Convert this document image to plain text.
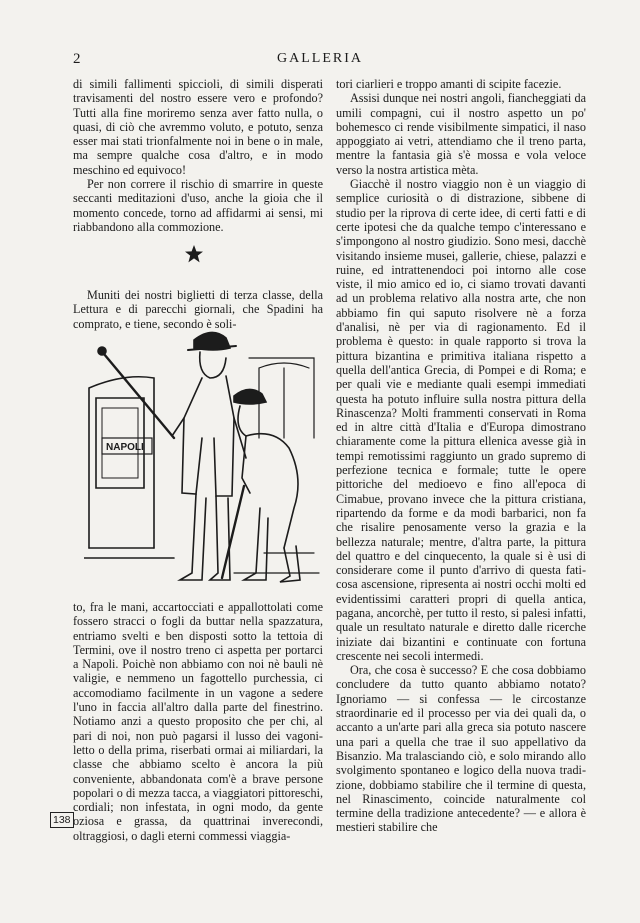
2	GALLERIA

di simili fallimenti spiccioli, di simili disperati travisamenti del nostro essere vero e profondo? Tutti alla fine moriremo senza aver fatto nulla, o quasi, di ciò che avremmo voluto, e potuto, senza esser mai stati trionfalmente noi in bene o in male, ma sempre qualche cosa d'altro, e in modo meschino ed equivoco!

Per non correre il rischio di smarrire in queste seccanti meditazioni d'uso, anche la gioia che il momento concede, torno ad affidarmi ai sensi, mi riabbandono alla commozione.

Muniti dei nostri biglietti di terza classe, della Lettura e di parecchi giornali, che Spadini ha comprato, e tiene, secondo è soli-

NAPOLI

to, fra le mani, accartocciati e appallottolati come fossero stracci o fogli da buttar nella spazzatura, entriamo svelti e ben disposti sotto la tettoia di Termini, ove il nostro treno ci aspetta per portarci a Napoli. Poichè non abbiamo con noi nè bauli nè valigie, e nemmeno un fagottello purchessia, ci accomodiamo facilmente in un vagone a sedere l'uno in faccia all'altro dalla parte del finestrino. Notiamo anzi a questo proposito che per chi, al pari di noi, non può pagarsi il lusso dei vagoni-letto o della prima, riserbati ormai ai miliardari, la classe che abbiamo scelto è ancora la più conveniente, abbandonata com'è a brave persone popolari o di mezza tacca, a viaggiatori pittoreschi, cordiali; non infestata, in ogni modo, da gente oziosa e grassa, da quattrinai inverecondi, oltraggiosi, o dagli eterni commessi viaggia-

tori ciarlieri e troppo amanti di scipite facezie.

Assisi dunque nei nostri angoli, fiancheggiati da umili compagni, cui il nostro aspetto un po' bohemesco ci rende visibilmente simpatici, il naso appoggiato ai vetri, attendiamo che il treno parta, mentre la fantasia già s'è mossa e vola veloce verso la nostra artistica mèta.

Giacchè il nostro viaggio non è un viaggio di semplice curiosità o di distrazione, sibbene di studio per la riprova di certe idee, di certi fatti e di certe ipotesi che da qualche tempo c'interessano e s'impongono al nostro giudizio. Sono mesi, dacchè visitando insieme musei, gallerie, chiese, palazzi e ruine, ed intrattenendoci poi intorno alle cose viste, il mio amico ed io, ci siamo trovati davanti ad un problema relativo alla nostra arte, che non abbiamo fin qui saputo risolvere nè a forza d'analisi, nè per via di ragionamento. Ed il problema è questo: in quale rapporto si trova la pittura bizantina e primitiva italiana rispetto a quella dell'antica Grecia, di Pompei e di Roma; e per quali vie e mediante quali esempi immediati questa ha potuto influire sulla nostra pittura della Rinascenza? Molti frammenti conservati in Roma ed in altre città d'Italia e d'Europa dimostrano chiaramente come la pittura ellenica avesse già in tempi remotissimi raggiunto un grado supremo di perfezione tecnica e formale; tutte le opere pittoriche del medioevo e fino all'epoca di Cimabue, provano invece che la pittura cristiana, ripartendo da forme e da modi barbarici, non fa che risalire penosamente verso la grazia e la bellezza naturale; mentre, d'altra parte, la pittura del quattro e del cinquecento, la quale si è usi di considerare come il punto d'arrivo di questa faticosa ascensione, ripresenta ai nostri occhi molti ed evidentissimi caratteri propri di quella antica, pagana, ancorchè, per tutto il resto, si palesi infatti, quale un resultato naturale e diretto dalle ricerche iniziate dai bizantini e continuate con fortuna crescente nei secoli intermedi.

Ora, che cosa è successo? E che cosa dobbiamo concludere da tutto quanto abbiamo notato? Ignoriamo — si confessa — le circostanze straordinarie ed il processo per via dei quali da, o accanto a un'arte pari alla greca sia potuto nascere una pari a quella che trae il suo appellativo da Bisanzio. Ma tralasciando ciò, e solo mirando allo svolgimento spontaneo e logico della nuova tradizione, dobbiamo stabilire che il termine di questa, nel Rinascimento, coincide naturalmente col termine della tradizione antecedente? — e allora è mestieri stabilire che

138
